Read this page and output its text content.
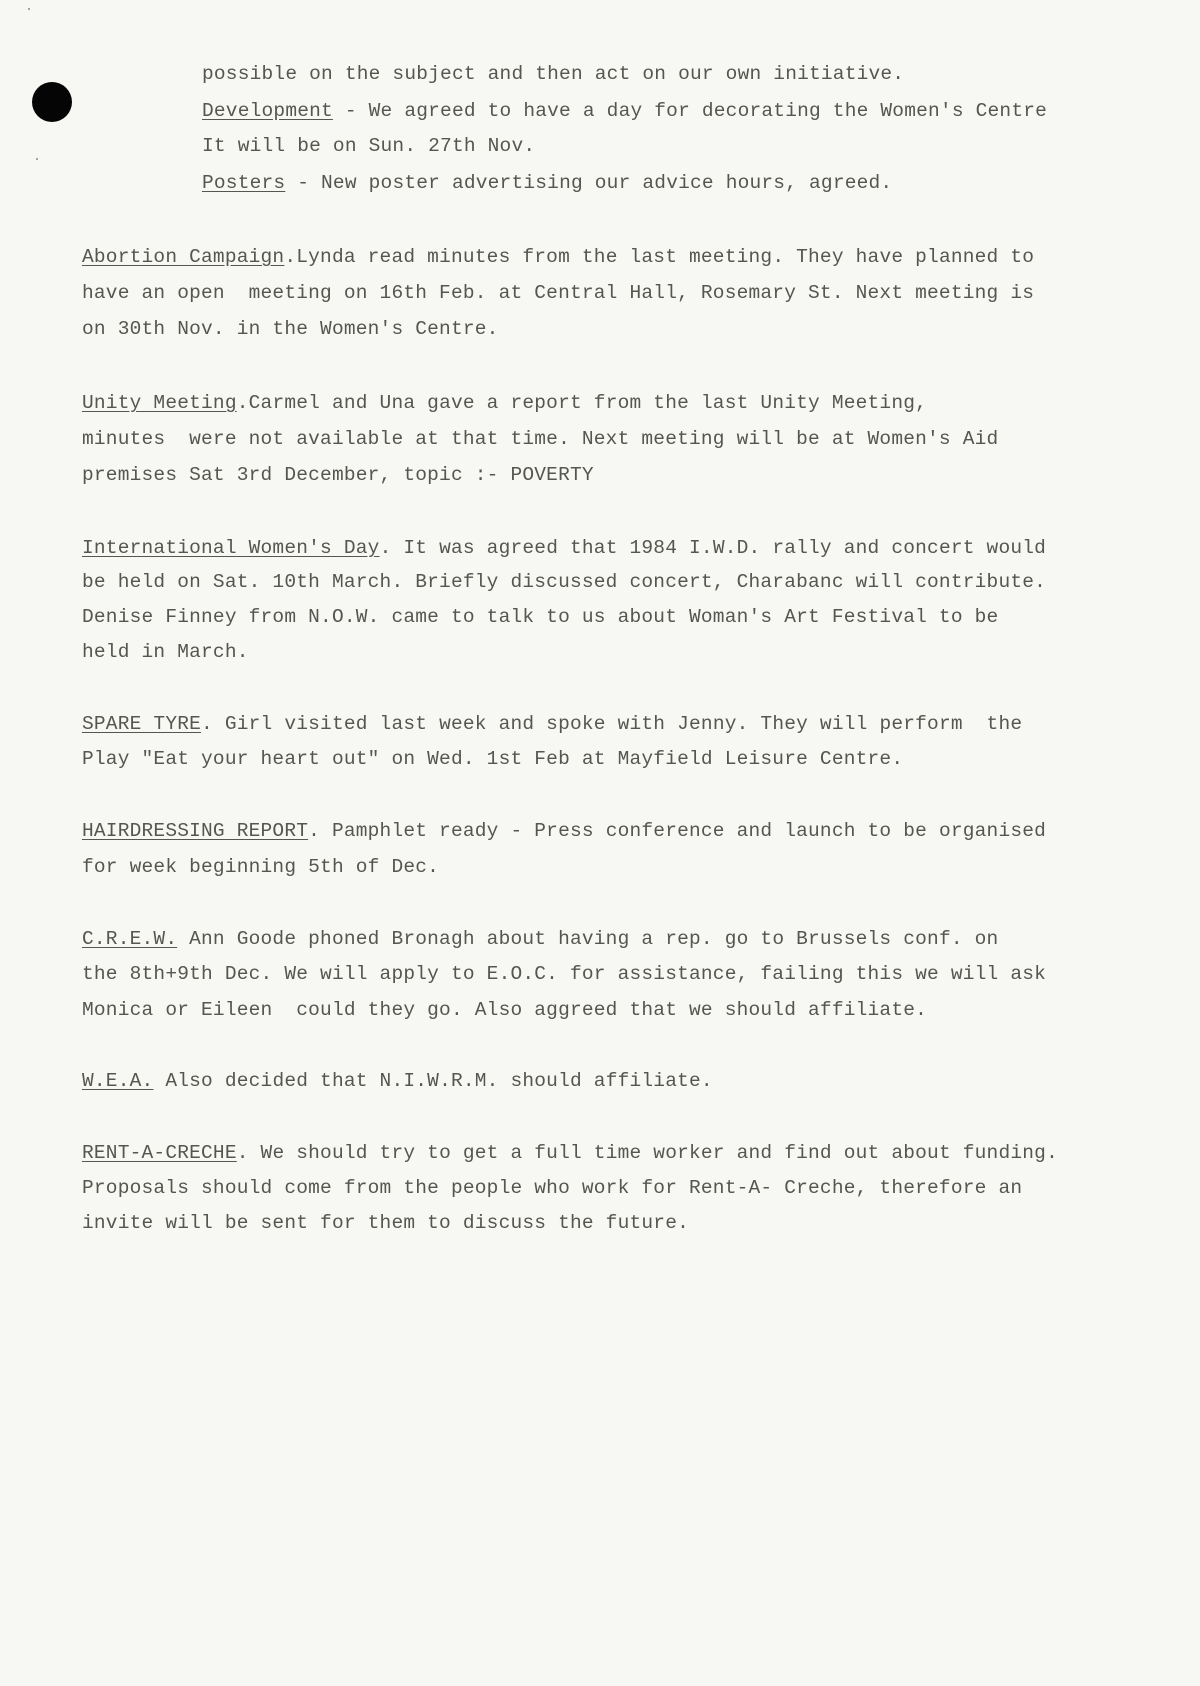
possible on the subject and then act on our own initiative.
Development - We agreed to have a day for decorating the Women's Centre
It will be on Sun. 27th Nov.
Posters - New poster advertising our advice hours, agreed.
Abortion Campaign.Lynda read minutes from the last meeting. They have planned to
have an open  meeting on 16th Feb. at Central Hall, Rosemary St. Next meeting is
on 30th Nov. in the Women's Centre.
Unity Meeting.Carmel and Una gave a report from the last Unity Meeting,
minutes  were not available at that time. Next meeting will be at Women's Aid
premises Sat 3rd December, topic :- POVERTY
International Women's Day. It was agreed that 1984 I.W.D. rally and concert would
be held on Sat. 10th March. Briefly discussed concert, Charabanc will contribute.
Denise Finney from N.O.W. came to talk to us about Woman's Art Festival to be
held in March.
SPARE TYRE. Girl visited last week and spoke with Jenny. They will perform  the
Play "Eat your heart out" on Wed. 1st Feb at Mayfield Leisure Centre.
HAIRDRESSING REPORT. Pamphlet ready - Press conference and launch to be organised
for week beginning 5th of Dec.
C.R.E.W. Ann Goode phoned Bronagh about having a rep. go to Brussels conf. on
the 8th+9th Dec. We will apply to E.O.C. for assistance, failing this we will ask
Monica or Eileen  could they go. Also aggreed that we should affiliate.
W.E.A. Also decided that N.I.W.R.M. should affiliate.
RENT-A-CRECHE. We should try to get a full time worker and find out about funding.
Proposals should come from the people who work for Rent-A- Creche, therefore an
invite will be sent for them to discuss the future.
